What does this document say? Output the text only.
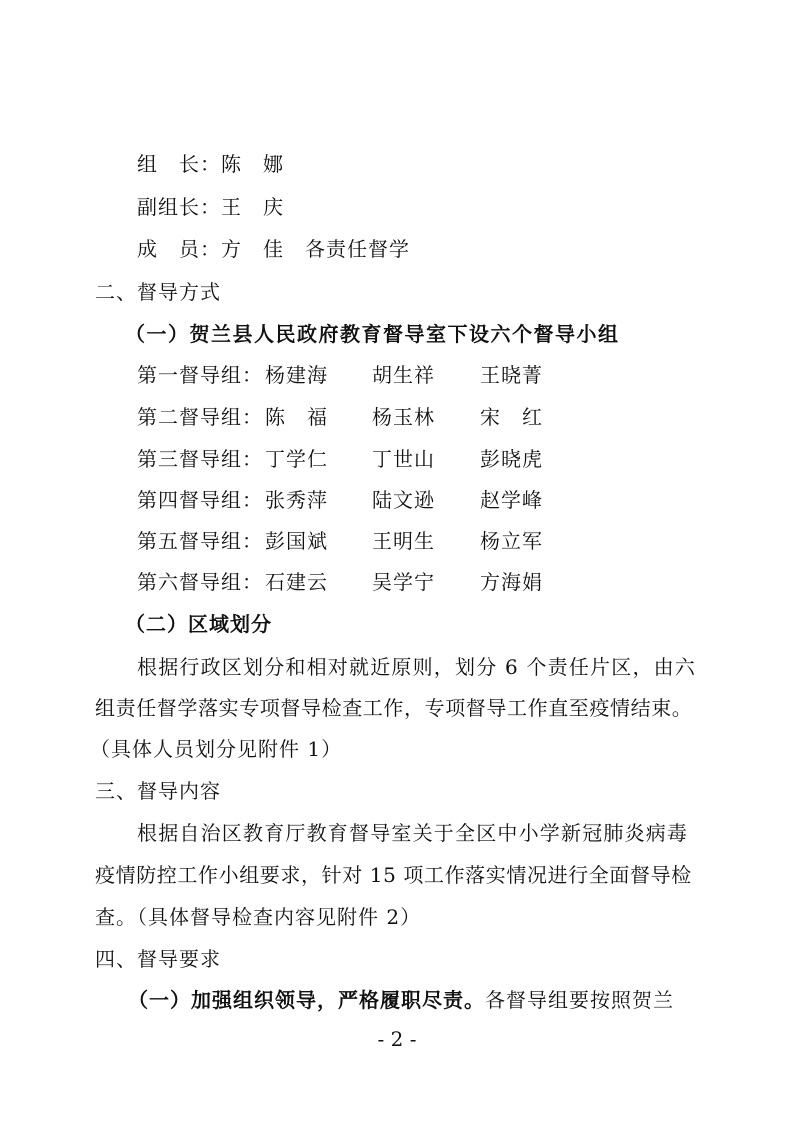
组　长：陈　娜
副组长：王　庆
成　员：方　佳　 各责任督学
二、督导方式
（一）贺兰县人民政府教育督导室下设六个督导小组
第一督导组： 杨建海 胡生祥 王晓菁
第二督导组： 陈　福 杨玉林 宋　红
第三督导组： 丁学仁 丁世山 彭晓虎
第四督导组： 张秀萍 陆文逊 赵学峰
第五督导组： 彭国斌 王明生 杨立军
第六督导组： 石建云 吴学宁 方海娟
（二）区域划分
根据行政区划分和相对就近原则，划分 6 个责任片区，由六
组责任督学落实专项督导检查工作，专项督导工作直至疫情结束。
（具体人员划分见附件 1）
三、督导内容
根据自治区教育厅教育督导室关于全区中小学新冠肺炎病毒
疫情防控工作小组要求，针对 15 项工作落实情况进行全面督导检
查。（具体督导检查内容见附件 2）
四、督导要求
（一）加强组织领导，严格履职尽责。各督导组要按照贺兰
- 2 -
